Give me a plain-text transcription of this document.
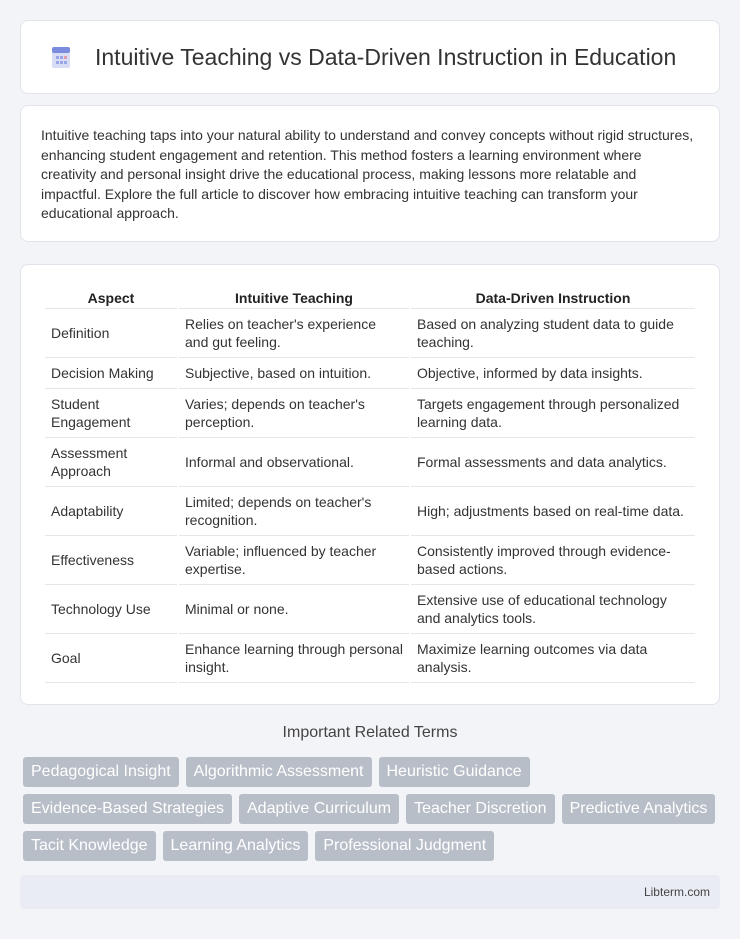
Intuitive Teaching vs Data-Driven Instruction in Education

Intuitive teaching taps into your natural ability to understand and convey concepts without rigid structures, enhancing student engagement and retention. This method fosters a learning environment where creativity and personal insight drive the educational process, making lessons more relatable and impactful. Explore the full article to discover how embracing intuitive teaching can transform your educational approach.

Aspect	Intuitive Teaching	Data-Driven Instruction
Definition	Relies on teacher's experience and gut feeling.	Based on analyzing student data to guide teaching.
Decision Making	Subjective, based on intuition.	Objective, informed by data insights.
Student Engagement	Varies; depends on teacher's perception.	Targets engagement through personalized learning data.
Assessment Approach	Informal and observational.	Formal assessments and data analytics.
Adaptability	Limited; depends on teacher's recognition.	High; adjustments based on real-time data.
Effectiveness	Variable; influenced by teacher expertise.	Consistently improved through evidence-based actions.
Technology Use	Minimal or none.	Extensive use of educational technology and analytics tools.
Goal	Enhance learning through personal insight.	Maximize learning outcomes via data analysis.
Important Related Terms
Pedagogical Insight	Algorithmic Assessment	Heuristic Guidance
Evidence-Based Strategies	Adaptive Curriculum	Teacher Discretion	Predictive Analytics
Tacit Knowledge	Learning Analytics	Professional Judgment
Libterm.com
